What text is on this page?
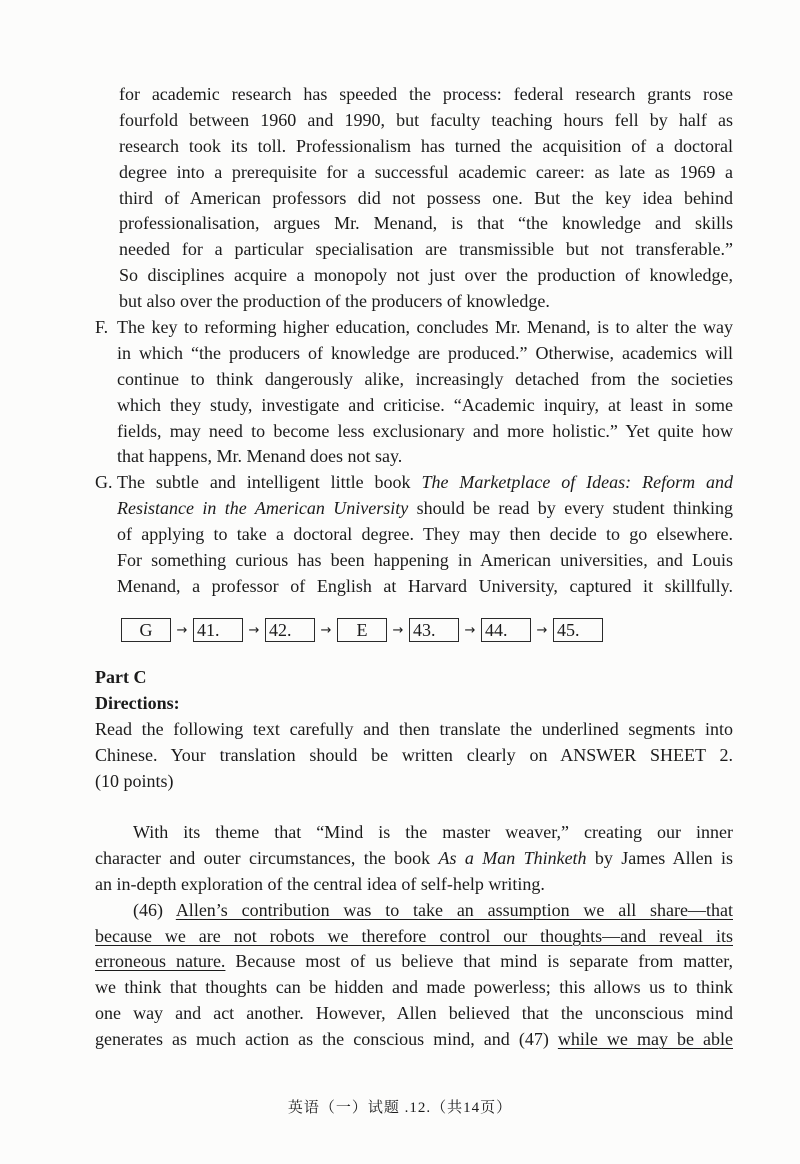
for academic research has speeded the process: federal research grants rose
fourfold between 1960 and 1990, but faculty teaching hours fell by half as
research took its toll. Professionalism has turned the acquisition of a doctoral
degree into a prerequisite for a successful academic career: as late as 1969 a
third of American professors did not possess one. But the key idea behind
professionalisation, argues Mr. Menand, is that “the knowledge and skills
needed for a particular specialisation are transmissible but not transferable.”
So disciplines acquire a monopoly not just over the production of knowledge,
but also over the production of the producers of knowledge.
F. The key to reforming higher education, concludes Mr. Menand, is to alter the way
in which “the producers of knowledge are produced.” Otherwise, academics will
continue to think dangerously alike, increasingly detached from the societies
which they study, investigate and criticise. “Academic inquiry, at least in some
fields, may need to become less exclusionary and more holistic.” Yet quite how
that happens, Mr. Menand does not say.
G. The subtle and intelligent little book The Marketplace of Ideas: Reform and
Resistance in the American University should be read by every student thinking
of applying to take a doctoral degree. They may then decide to go elsewhere.
For something curious has been happening in American universities, and Louis
Menand, a professor of English at Harvard University, captured it skillfully.
G	→ 41.	→ 42.	→	E	→ 43.	→ 44.	→ 45.
Part C
Directions:
Read the following text carefully and then translate the underlined segments into
Chinese. Your translation should be written clearly on ANSWER SHEET 2.
(10 points)
With its theme that “Mind is the master weaver,” creating our inner
character and outer circumstances, the book As a Man Thinketh by James Allen is
an in-depth exploration of the central idea of self-help writing.
(46) Allen’s contribution was to take an assumption we all share—that
because we are not robots we therefore control our thoughts—and reveal its
erroneous nature. Because most of us believe that mind is separate from matter,
we think that thoughts can be hidden and made powerless; this allows us to think
one way and act another. However, Allen believed that the unconscious mind
generates as much action as the conscious mind, and (47) while we may be able
英语（一）试题 .12.（共14页）
